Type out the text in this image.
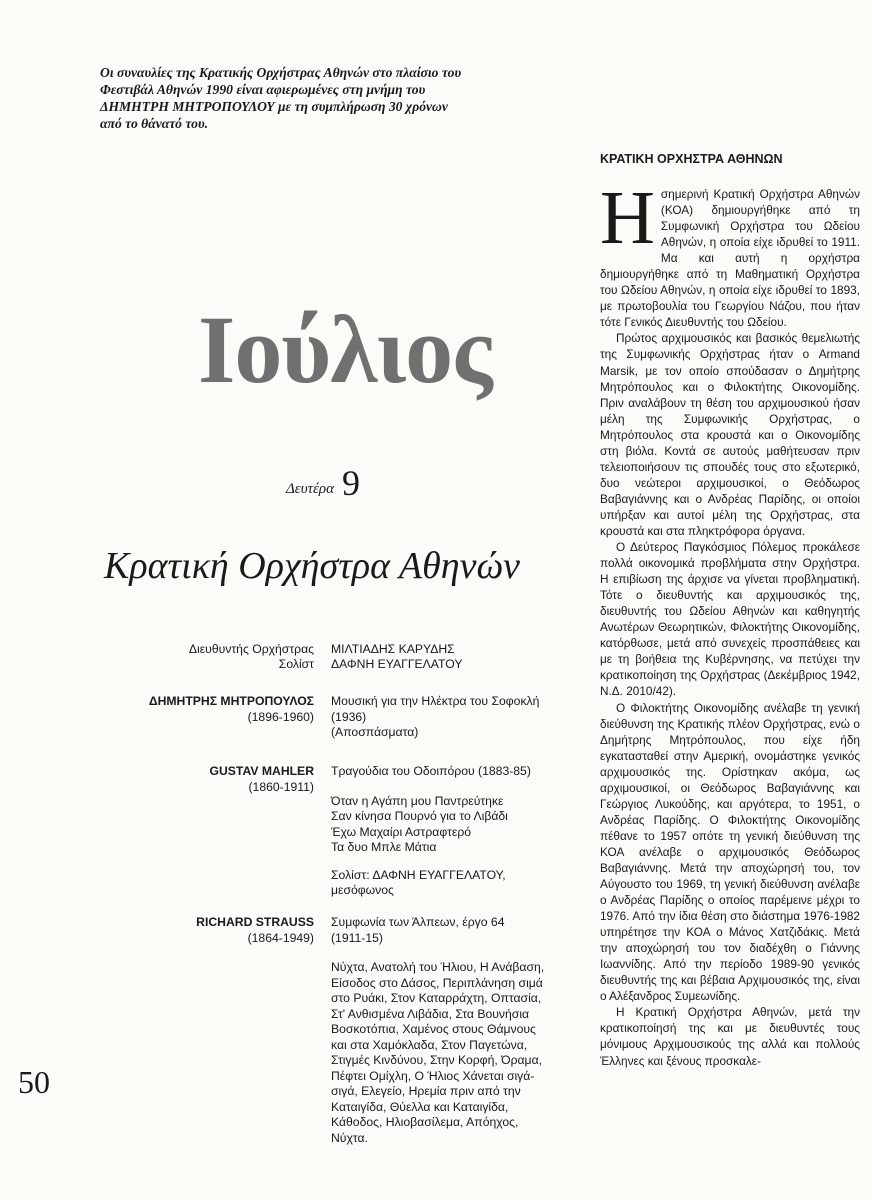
Οι συναυλίες της Κρατικής Ορχήστρας Αθηνών στο πλαίσιο του Φεστιβάλ Αθηνών 1990 είναι αφιερωμένες στη μνήμη του ΔΗΜΗΤΡΗ ΜΗΤΡΟΠΟΥΛΟΥ με τη συμπλήρωση 30 χρόνων από το θάνατό του.
Ιούλιος
Δευτέρα 9
Κρατική Ορχήστρα Αθηνών
Διευθυντής Ορχήστρας ΜΙΛΤΙΑΔΗΣ ΚΑΡΥΔΗΣ
Σολίστ ΔΑΦΝΗ ΕΥΑΓΓΕΛΑΤΟΥ
ΔΗΜΗΤΡΗΣ ΜΗΤΡΟΠΟΥΛΟΣ
(1896-1960)
Μουσική για την Ηλέκτρα του Σοφοκλή
(1936)
(Αποσπάσματα)
GUSTAV MAHLER
(1860-1911)
Τραγούδια του Οδοιπόρου (1883-85)
Όταν η Αγάπη μου Παντρεύτηκε
Σαν κίνησα Πουρνό για το Λιβάδι
Έχω Μαχαίρι Αστραφτερό
Τα δυο Μπλε Μάτια
Σολίστ: ΔΑΦΝΗ ΕΥΑΓΓΕΛΑΤΟΥ,
μεσόφωνος
RICHARD STRAUSS
(1864-1949)
Συμφωνία των Άλπεων, έργο 64
(1911-15)
Νύχτα, Ανατολή του Ήλιου, Η Ανάβαση,
Είσοδος στο Δάσος, Περιπλάνηση σιμά
στο Ρυάκι, Στον Καταρράχτη, Οπτασία,
Στ' Ανθισμένα Λιβάδια, Στα Βουνήσια
Βοσκοτόπια, Χαμένος στους Θάμνους
και στα Χαμόκλαδα, Στον Παγετώνα,
Στιγμές Κινδύνου, Στην Κορφή, Όραμα,
Πέφτει Ομίχλη, Ο Ήλιος Χάνεται σιγά-
σιγά, Ελεγείο, Ηρεμία πριν από την
Καταιγίδα, Θύελλα και Καταιγίδα,
Κάθοδος, Ηλιοβασίλεμα, Απόηχος,
Νύχτα.
50
ΚΡΑΤΙΚΗ ΟΡΧΗΣΤΡΑ ΑΘΗΝΩΝ
Η σημερινή Κρατική Ορχήστρα Αθηνών (ΚΟΑ) δημιουργήθηκε από τη Συμφωνική Ορχήστρα του Ωδείου Αθηνών, η οποία είχε ιδρυθεί το 1911. Μα και αυτή η ορχήστρα δημιουργήθηκε από τη Μαθηματική Ορχήστρα του Ωδείου Αθηνών, η οποία είχε ιδρυθεί το 1893, με πρωτοβουλία του Γεωργίου Νάζου, που ήταν τότε Γενικός Διευθυντής του Ωδείου.

Πρώτος αρχιμουσικός και βασικός θεμελιωτής της Συμφωνικής Ορχήστρας ήταν ο Armand Marsik, με τον οποίο σπούδασαν ο Δημήτρης Μητρόπουλος και ο Φιλοκτήτης Οικονομίδης. Πριν αναλάβουν τη θέση του αρχιμουσικού ήσαν μέλη της Συμφωνικής Ορχήστρας, ο Μητρόπουλος στα κρουστά και ο Οικονομίδης στη βιόλα. Κοντά σε αυτούς μαθήτευσαν πριν τελειοποιήσουν τις σπουδές τους στο εξωτερικό, δυο νεώτεροι αρχιμουσικοί, ο Θεόδωρος Βαβαγιάννης και ο Ανδρέας Παρίδης, οι οποίοι υπήρξαν και αυτοί μέλη της Ορχήστρας, στα κρουστά και στα πληκτρόφορα όργανα.

Ο Δεύτερος Παγκόσμιος Πόλεμος προκάλεσε πολλά οικονομικά προβλήματα στην Ορχήστρα. Η επιβίωση της άρχισε να γίνεται προβληματική. Τότε ο διευθυντής και αρχιμουσικός της, διευθυντής του Ωδείου Αθηνών και καθηγητής Ανωτέρων Θεωρητικών, Φιλοκτήτης Οικονομίδης, κατόρθωσε, μετά από συνεχείς προσπάθειες και με τη βοήθεια της Κυβέρνησης, να πετύχει την κρατικοποίηση της Ορχήστρας (Δεκέμβριος 1942, Ν.Δ. 2010/42).

Ο Φιλοκτήτης Οικονομίδης ανέλαβε τη γενική διεύθυνση της Κρατικής πλέον Ορχήστρας, ενώ ο Δημήτρης Μητρόπουλος, που είχε ήδη εγκατασταθεί στην Αμερική, ονομάστηκε γενικός αρχιμουσικός της. Ορίστηκαν ακόμα, ως αρχιμουσικοί, οι Θεόδωρος Βαβαγιάννης και Γεώργιος Λυκούδης, και αργότερα, το 1951, ο Ανδρέας Παρίδης. Ο Φιλοκτήτης Οικονομίδης πέθανε το 1957 οπότε τη γενική διεύθυνση της ΚΟΑ ανέλαβε ο αρχιμουσικός Θεόδωρος Βαβαγιάννης. Μετά την αποχώρησή του, τον Αύγουστο του 1969, τη γενική διεύθυνση ανέλαβε ο Ανδρέας Παρίδης ο οποίος παρέμεινε μέχρι το 1976. Από την ίδια θέση στο διάστημα 1976-1982 υπηρέτησε την ΚΟΑ ο Μάνος Χατζιδάκις. Μετά την αποχώρησή του τον διαδέχθη ο Γιάννης Ιωαννίδης. Από την περίοδο 1989-90 γενικός διευθυντής της και βέβαια Αρχιμουσικός της, είναι ο Αλέξανδρος Συμεωνίδης.

Η Κρατική Ορχήστρα Αθηνών, μετά την κρατικοποίησή της και με διευθυντές τους μόνιμους Αρχιμουσικούς της αλλά και πολλούς Έλληνες και ξένους προσκαλε-
